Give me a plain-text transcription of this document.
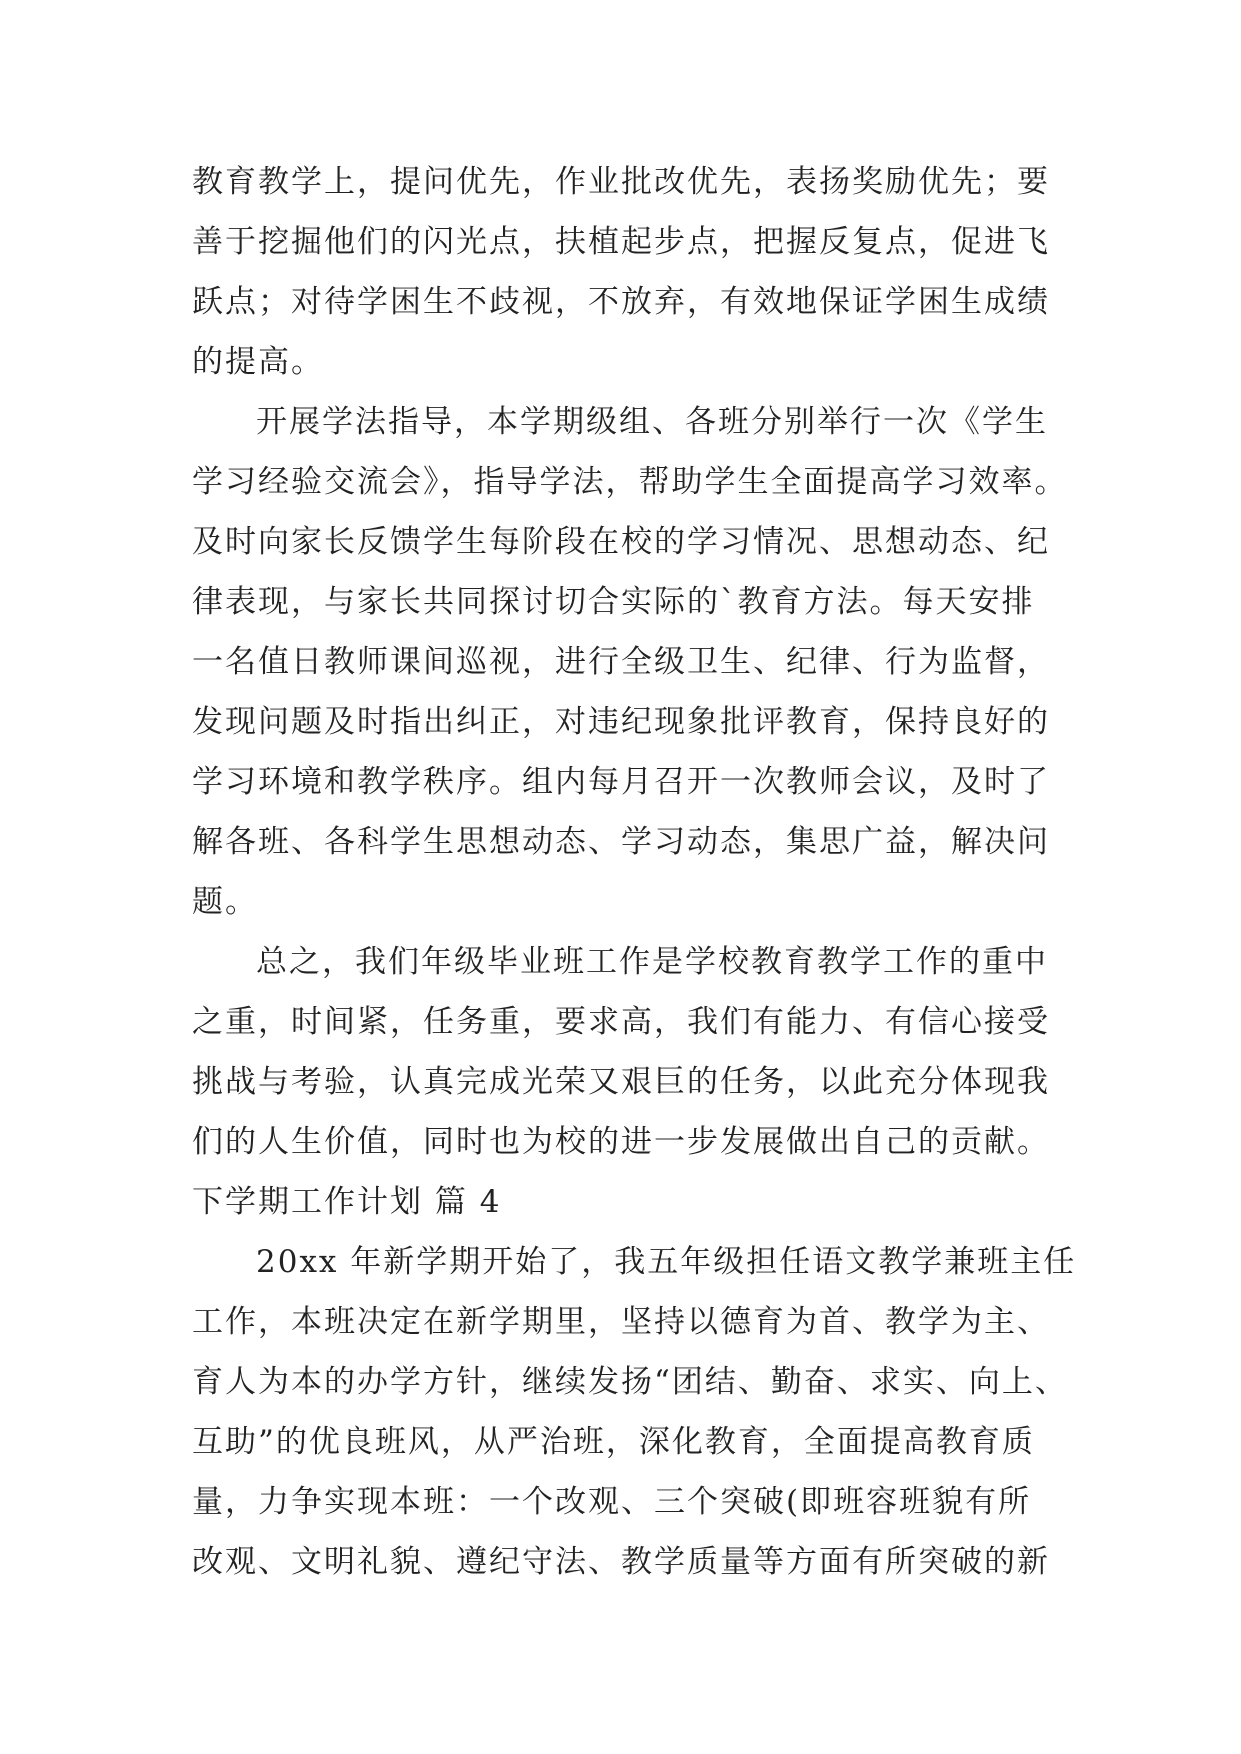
教育教学上，提问优先，作业批改优先，表扬奖励优先；要
善于挖掘他们的闪光点，扶植起步点，把握反复点，促进飞
跃点；对待学困生不歧视，不放弃，有效地保证学困生成绩
的提高。
开展学法指导，本学期级组、各班分别举行一次《学生
学习经验交流会》，指导学法，帮助学生全面提高学习效率。
及时向家长反馈学生每阶段在校的学习情况、思想动态、纪
律表现，与家长共同探讨切合实际的`教育方法。每天安排
一名值日教师课间巡视，进行全级卫生、纪律、行为监督，
发现问题及时指出纠正，对违纪现象批评教育，保持良好的
学习环境和教学秩序。组内每月召开一次教师会议，及时了
解各班、各科学生思想动态、学习动态，集思广益，解决问
题。
总之，我们年级毕业班工作是学校教育教学工作的重中
之重，时间紧，任务重，要求高，我们有能力、有信心接受
挑战与考验，认真完成光荣又艰巨的任务，以此充分体现我
们的人生价值，同时也为校的进一步发展做出自己的贡献。
下学期工作计划 篇 4
20xx 年新学期开始了，我五年级担任语文教学兼班主任
工作，本班决定在新学期里，坚持以德育为首、教学为主、
育人为本的办学方针，继续发扬“团结、勤奋、求实、向上、
互助”的优良班风，从严治班，深化教育，全面提高教育质
量，力争实现本班：一个改观、三个突破(即班容班貌有所
改观、文明礼貌、遵纪守法、教学质量等方面有所突破的新
